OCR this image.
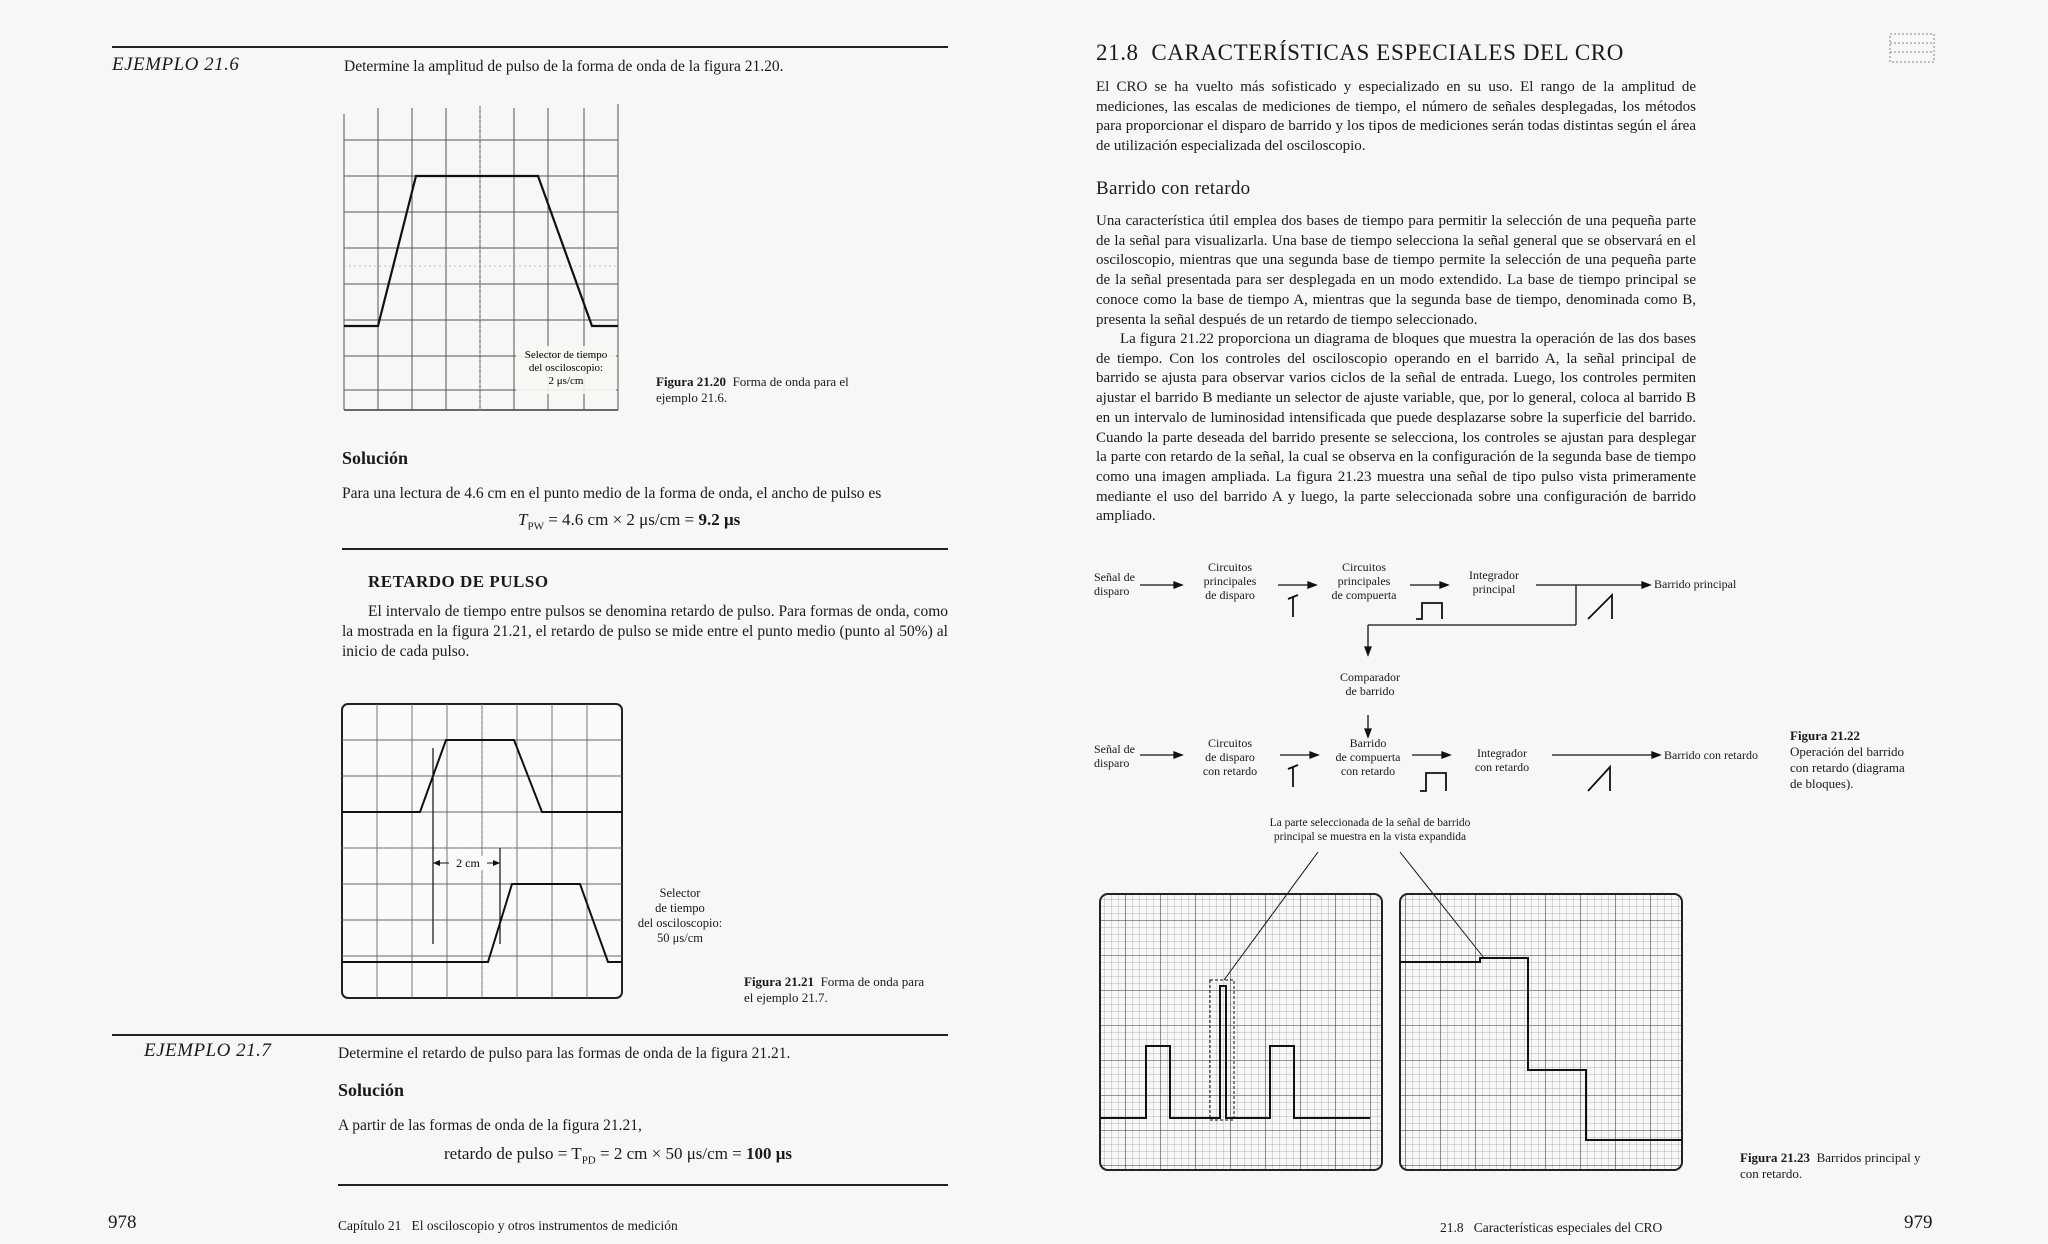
EJEMPLO 21.6	Determine la amplitud de pulso de la forma de onda de la figura 21.20.
Selector de tiempo
del osciloscopio:
2 μs/cm	Figura 21.20 Forma de onda para el ejemplo 21.6.
Solución
Para una lectura de 4.6 cm en el punto medio de la forma de onda, el ancho de pulso es
$T_{PW} = 4.6$ cm × 2 μs/cm = 9.2 μs
RETARDO DE PULSO
El intervalo de tiempo entre pulsos se denomina retardo de pulso. Para formas de onda, como la mostrada en la figura 21.21, el retardo de pulso se mide entre el punto medio (punto al 50%) al inicio de cada pulso.
2 cm
Selector
de tiempo
del osciloscopio:
50 μs/cm
Figura 21.21 Forma de onda para el ejemplo 21.7.
EJEMPLO 21.7	Determine el retardo de pulso para las formas de onda de la figura 21.21.
Solución
A partir de las formas de onda de la figura 21.21,
retardo de pulso = $T_{PD} = 2$ cm × 50 μs/cm = 100 μs
978	Capítulo 21   El osciloscopio y otros instrumentos de medición
21.8 CARACTERÍSTICAS ESPECIALES DEL CRO
El CRO se ha vuelto más sofisticado y especializado en su uso. El rango de la amplitud de mediciones, las escalas de mediciones de tiempo, el número de señales desplegadas, los métodos para proporcionar el disparo de barrido y los tipos de mediciones serán todas distintas según el área de utilización especializada del osciloscopio.
Barrido con retardo
Una característica útil emplea dos bases de tiempo para permitir la selección de una pequeña parte de la señal para visualizarla. Una base de tiempo selecciona la señal general que se observará en el osciloscopio, mientras que una segunda base de tiempo permite la selección de una pequeña parte de la señal presentada para ser desplegada en un modo extendido. La base de tiempo principal se conoce como la base de tiempo A, mientras que la segunda base de tiempo, denominada como B, presenta la señal después de un retardo de tiempo seleccionado.
La figura 21.22 proporciona un diagrama de bloques que muestra la operación de las dos bases de tiempo. Con los controles del osciloscopio operando en el barrido A, la señal principal de barrido se ajusta para observar varios ciclos de la señal de entrada. Luego, los controles permiten ajustar el barrido B mediante un selector de ajuste variable, que, por lo general, coloca al barrido B en un intervalo de luminosidad intensificada que puede desplazarse sobre la superficie del barrido. Cuando la parte deseada del barrido presente se selecciona, los controles se ajustan para desplegar la parte con retardo de la señal, la cual se observa en la configuración de la segunda base de tiempo como una imagen ampliada. La figura 21.23 muestra una señal de tipo pulso vista primeramente mediante el uso del barrido A y luego, la parte seleccionada sobre una configuración de barrido ampliado.
Señal de
disparo
Circuitos
principales
de disparo
Circuitos
principales
de compuerta
Integrador
principal	Barrido principal
Comparador
de barrido
Señal de
disparo
Circuitos
de disparo
con retardo
Barrido
de compuerta
con retardo
Integrador
con retardo
Barrido con retardo
Figura 21.22  Operación del barrido con retardo (diagrama de bloques).
La parte seleccionada de la señal de barrido
principal se muestra en la vista expandida
Figura 21.23 Barridos principal y con retardo.
21.8   Características especiales del CRO	979
